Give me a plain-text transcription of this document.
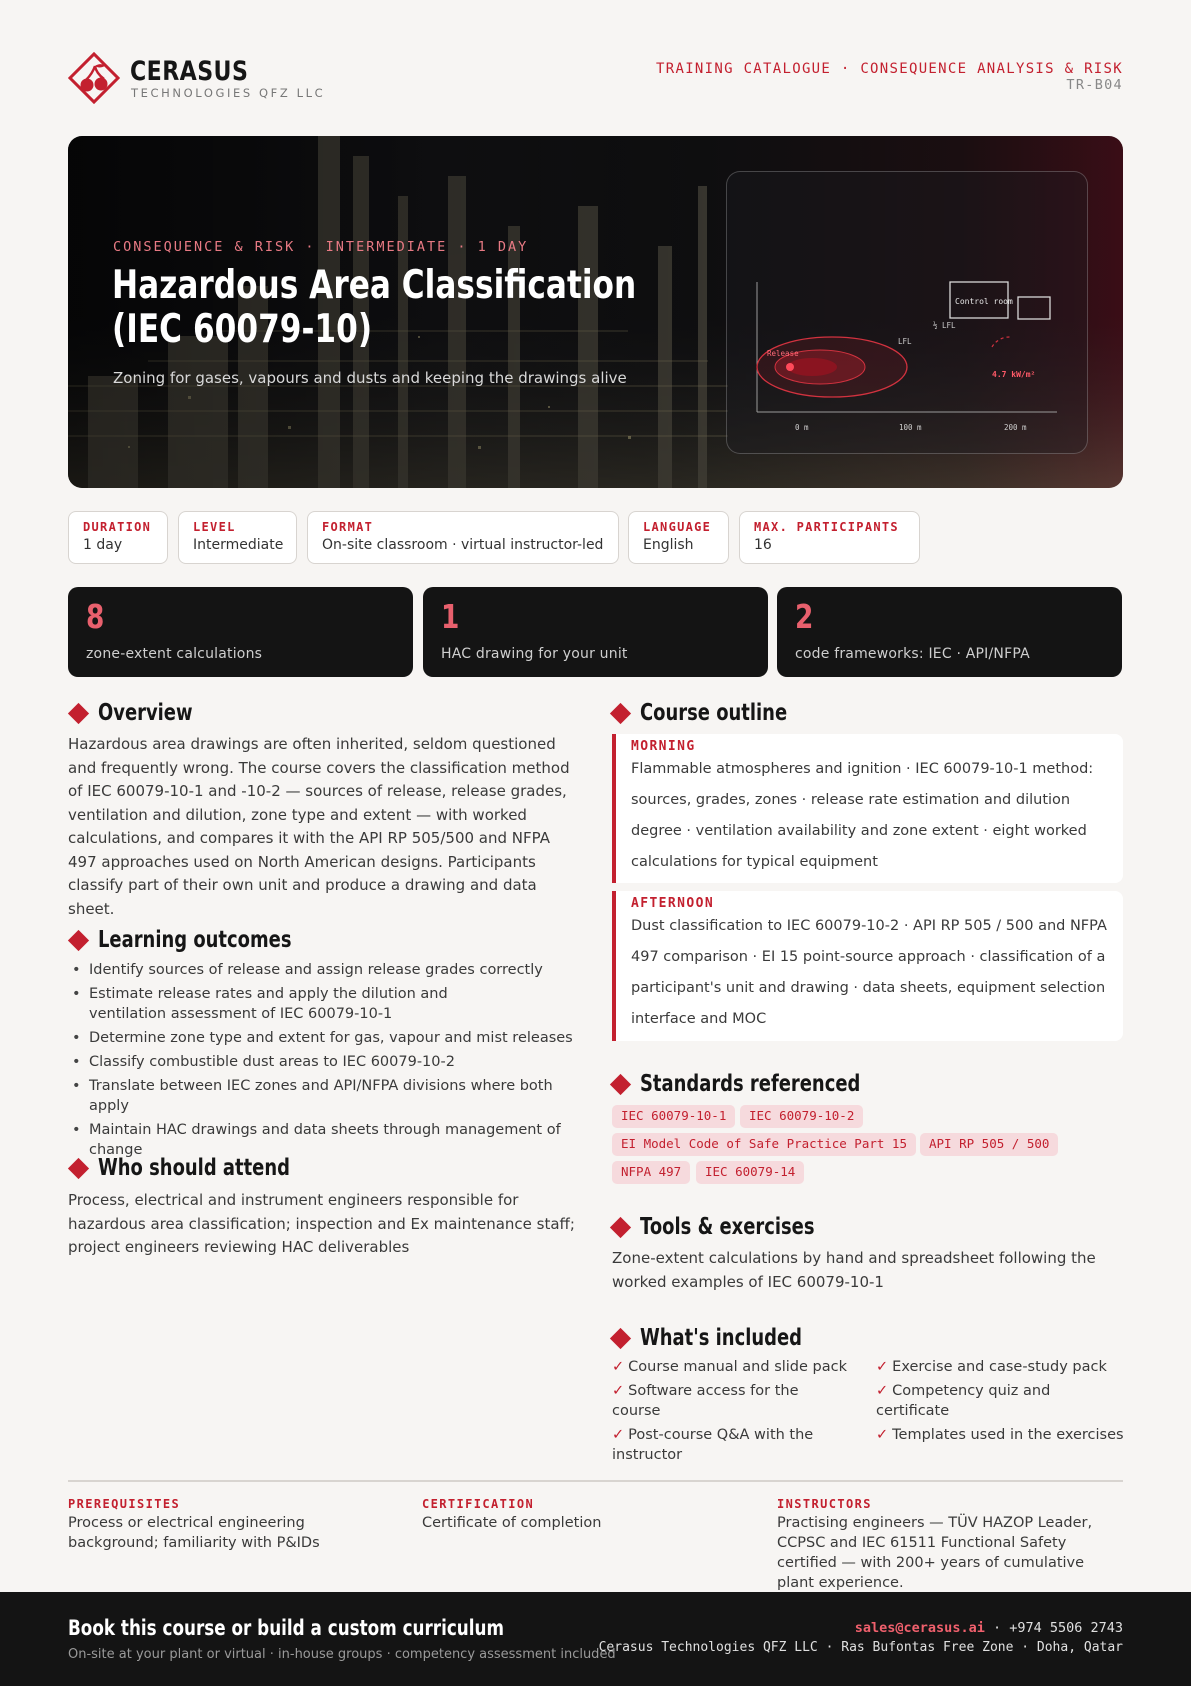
CERASUS
TECHNOLOGIES QFZ LLC
TRAINING CATALOGUE · CONSEQUENCE ANALYSIS & RISK
TR-B04
CONSEQUENCE & RISK · INTERMEDIATE · 1 DAY
Hazardous Area Classification
(IEC 60079-10)
Zoning for gases, vapours and dusts and keeping the drawings alive
Control room
½ LFL
LFL
Release
4.7 kW/m²
0 m	100 m	200 m
DURATION
1 day
LEVEL
Intermediate
FORMAT
On-site classroom · virtual instructor-led
LANGUAGE
English
MAX. PARTICIPANTS
16
8
zone-extent calculations
1
HAC drawing for your unit
2
code frameworks: IEC · API/NFPA
Overview
Hazardous area drawings are often inherited, seldom questioned and frequently wrong. The course covers the classification method of IEC 60079-10-1 and -10-2 — sources of release, release grades, ventilation and dilution, zone type and extent — with worked calculations, and compares it with the API RP 505/500 and NFPA 497 approaches used on North American designs. Participants classify part of their own unit and produce a drawing and data sheet.
Learning outcomes
• Identify sources of release and assign release grades correctly
• Estimate release rates and apply the dilution and ventilation assessment of IEC 60079-10-1
• Determine zone type and extent for gas, vapour and mist releases
• Classify combustible dust areas to IEC 60079-10-2
• Translate between IEC zones and API/NFPA divisions where both apply
• Maintain HAC drawings and data sheets through management of change
Who should attend
Process, electrical and instrument engineers responsible for hazardous area classification; inspection and Ex maintenance staff; project engineers reviewing HAC deliverables
Course outline
MORNING
Flammable atmospheres and ignition · IEC 60079-10-1 method: sources, grades, zones · release rate estimation and dilution degree · ventilation availability and zone extent · eight worked calculations for typical equipment
AFTERNOON
Dust classification to IEC 60079-10-2 · API RP 505 / 500 and NFPA 497 comparison · EI 15 point-source approach · classification of a participant's unit and drawing · data sheets, equipment selection interface and MOC
Standards referenced
IEC 60079-10-1	IEC 60079-10-2
EI Model Code of Safe Practice Part 15	API RP 505 / 500
NFPA 497	IEC 60079-14
Tools & exercises
Zone-extent calculations by hand and spreadsheet following the worked examples of IEC 60079-10-1
What's included
✓ Course manual and slide pack
✓ Software access for the course
✓ Post-course Q&A with the instructor
✓ Exercise and case-study pack
✓ Competency quiz and certificate
✓ Templates used in the exercises
PREREQUISITES
Process or electrical engineering background; familiarity with P&IDs
CERTIFICATION
Certificate of completion
INSTRUCTORS
Practising engineers — TÜV HAZOP Leader, CCPSC and IEC 61511 Functional Safety certified — with 200+ years of cumulative plant experience.
Book this course or build a custom curriculum
On-site at your plant or virtual · in-house groups · competency assessment included
sales@cerasus.ai · +974 5506 2743
Cerasus Technologies QFZ LLC · Ras Bufontas Free Zone · Doha, Qatar
